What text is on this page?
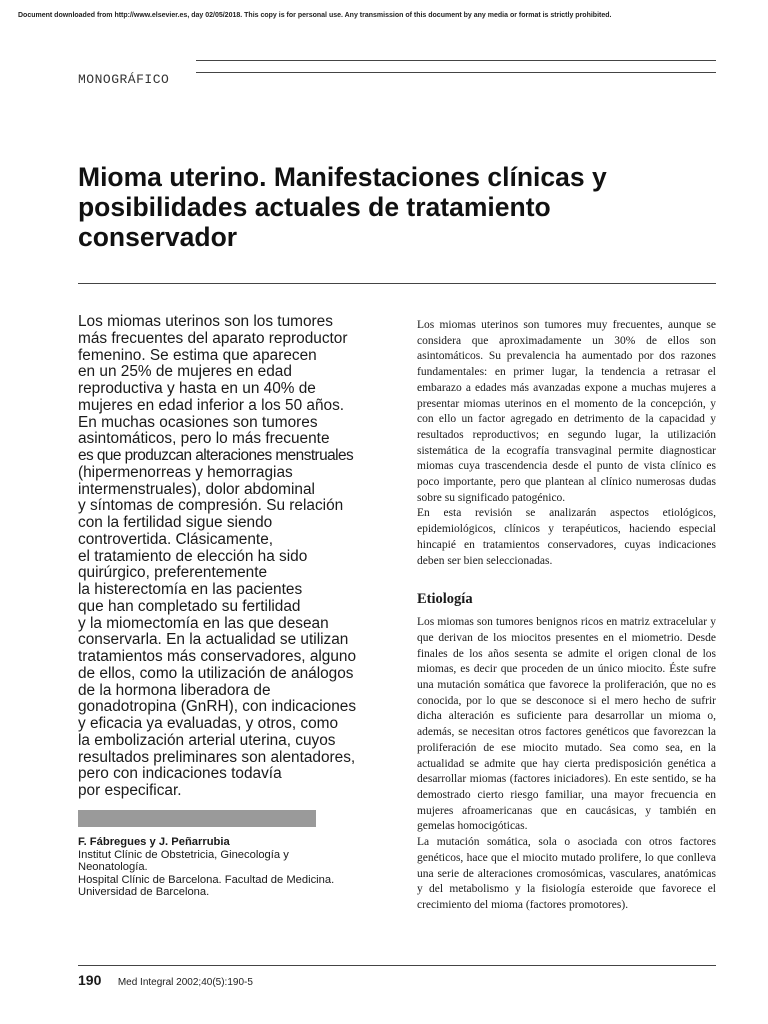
Document downloaded from http://www.elsevier.es, day 02/05/2018. This copy is for personal use. Any transmission of this document by any media or format is strictly prohibited.
MONOGRÁFICO
Mioma uterino. Manifestaciones clínicas y posibilidades actuales de tratamiento conservador
Los miomas uterinos son los tumores
más frecuentes del aparato reproductor
femenino. Se estima que aparecen
en un 25% de mujeres en edad
reproductiva y hasta en un 40% de
mujeres en edad inferior a los 50 años.
En muchas ocasiones son tumores
asintomáticos, pero lo más frecuente
es que produzcan alteraciones menstruales
(hipermenorreas y hemorragias
intermenstruales), dolor abdominal
y síntomas de compresión. Su relación
con la fertilidad sigue siendo
controvertida. Clásicamente,
el tratamiento de elección ha sido
quirúrgico, preferentemente
la histerectomía en las pacientes
que han completado su fertilidad
y la miomectomía en las que desean
conservarla. En la actualidad se utilizan
tratamientos más conservadores, alguno
de ellos, como la utilización de análogos
de la hormona liberadora de
gonadotropina (GnRH), con indicaciones
y eficacia ya evaluadas, y otros, como
la embolización arterial uterina, cuyos
resultados preliminares son alentadores,
pero con indicaciones todavía
por especificar.
F. Fábregues y J. Peñarrubia
Institut Clínic de Obstetricia, Ginecología y
Neonatología.
Hospital Clínic de Barcelona. Facultad de Medicina.
Universidad de Barcelona.

Los miomas uterinos son tumores muy frecuentes, aunque se considera que aproximadamente un 30% de ellos son asintomáticos. Su prevalencia ha aumentado por dos razones fundamentales: en primer lugar, la tendencia a retrasar el embarazo a edades más avanzadas expone a muchas mujeres a presentar miomas uterinos en el momento de la concepción, y con ello un factor agregado en detrimento de la capacidad y resultados reproductivos; en segundo lugar, la utilización sistemática de la ecografía transvaginal permite diagnosticar miomas cuya trascendencia desde el punto de vista clínico es poco importante, pero que plantean al clínico numerosas dudas sobre su significado patogénico.

En esta revisión se analizarán aspectos etiológicos, epidemiológicos, clínicos y terapéuticos, haciendo especial hincapié en tratamientos conservadores, cuyas indicaciones deben ser bien seleccionadas.

Etiología

Los miomas son tumores benignos ricos en matriz extracelular y que derivan de los miocitos presentes en el miometrio. Desde finales de los años sesenta se admite el origen clonal de los miomas, es decir que proceden de un único miocito. Éste sufre una mutación somática que favorece la proliferación, que no es conocida, por lo que se desconoce si el mero hecho de sufrir dicha alteración es suficiente para desarrollar un mioma o, además, se necesitan otros factores genéticos que favorezcan la proliferación de ese miocito mutado. Sea como sea, en la actualidad se admite que hay cierta predisposición genética a desarrollar miomas (factores iniciadores). En este sentido, se ha demostrado cierto riesgo familiar, una mayor frecuencia en mujeres afroamericanas que en caucásicas, y también en gemelas homocigóticas.

La mutación somática, sola o asociada con otros factores genéticos, hace que el miocito mutado prolifere, lo que conlleva una serie de alteraciones cromosómicas, vasculares, anatómicas y del metabolismo y la fisiología esteroide que favorece el crecimiento del mioma (factores promotores).

190 Med Integral 2002;40(5):190-5
